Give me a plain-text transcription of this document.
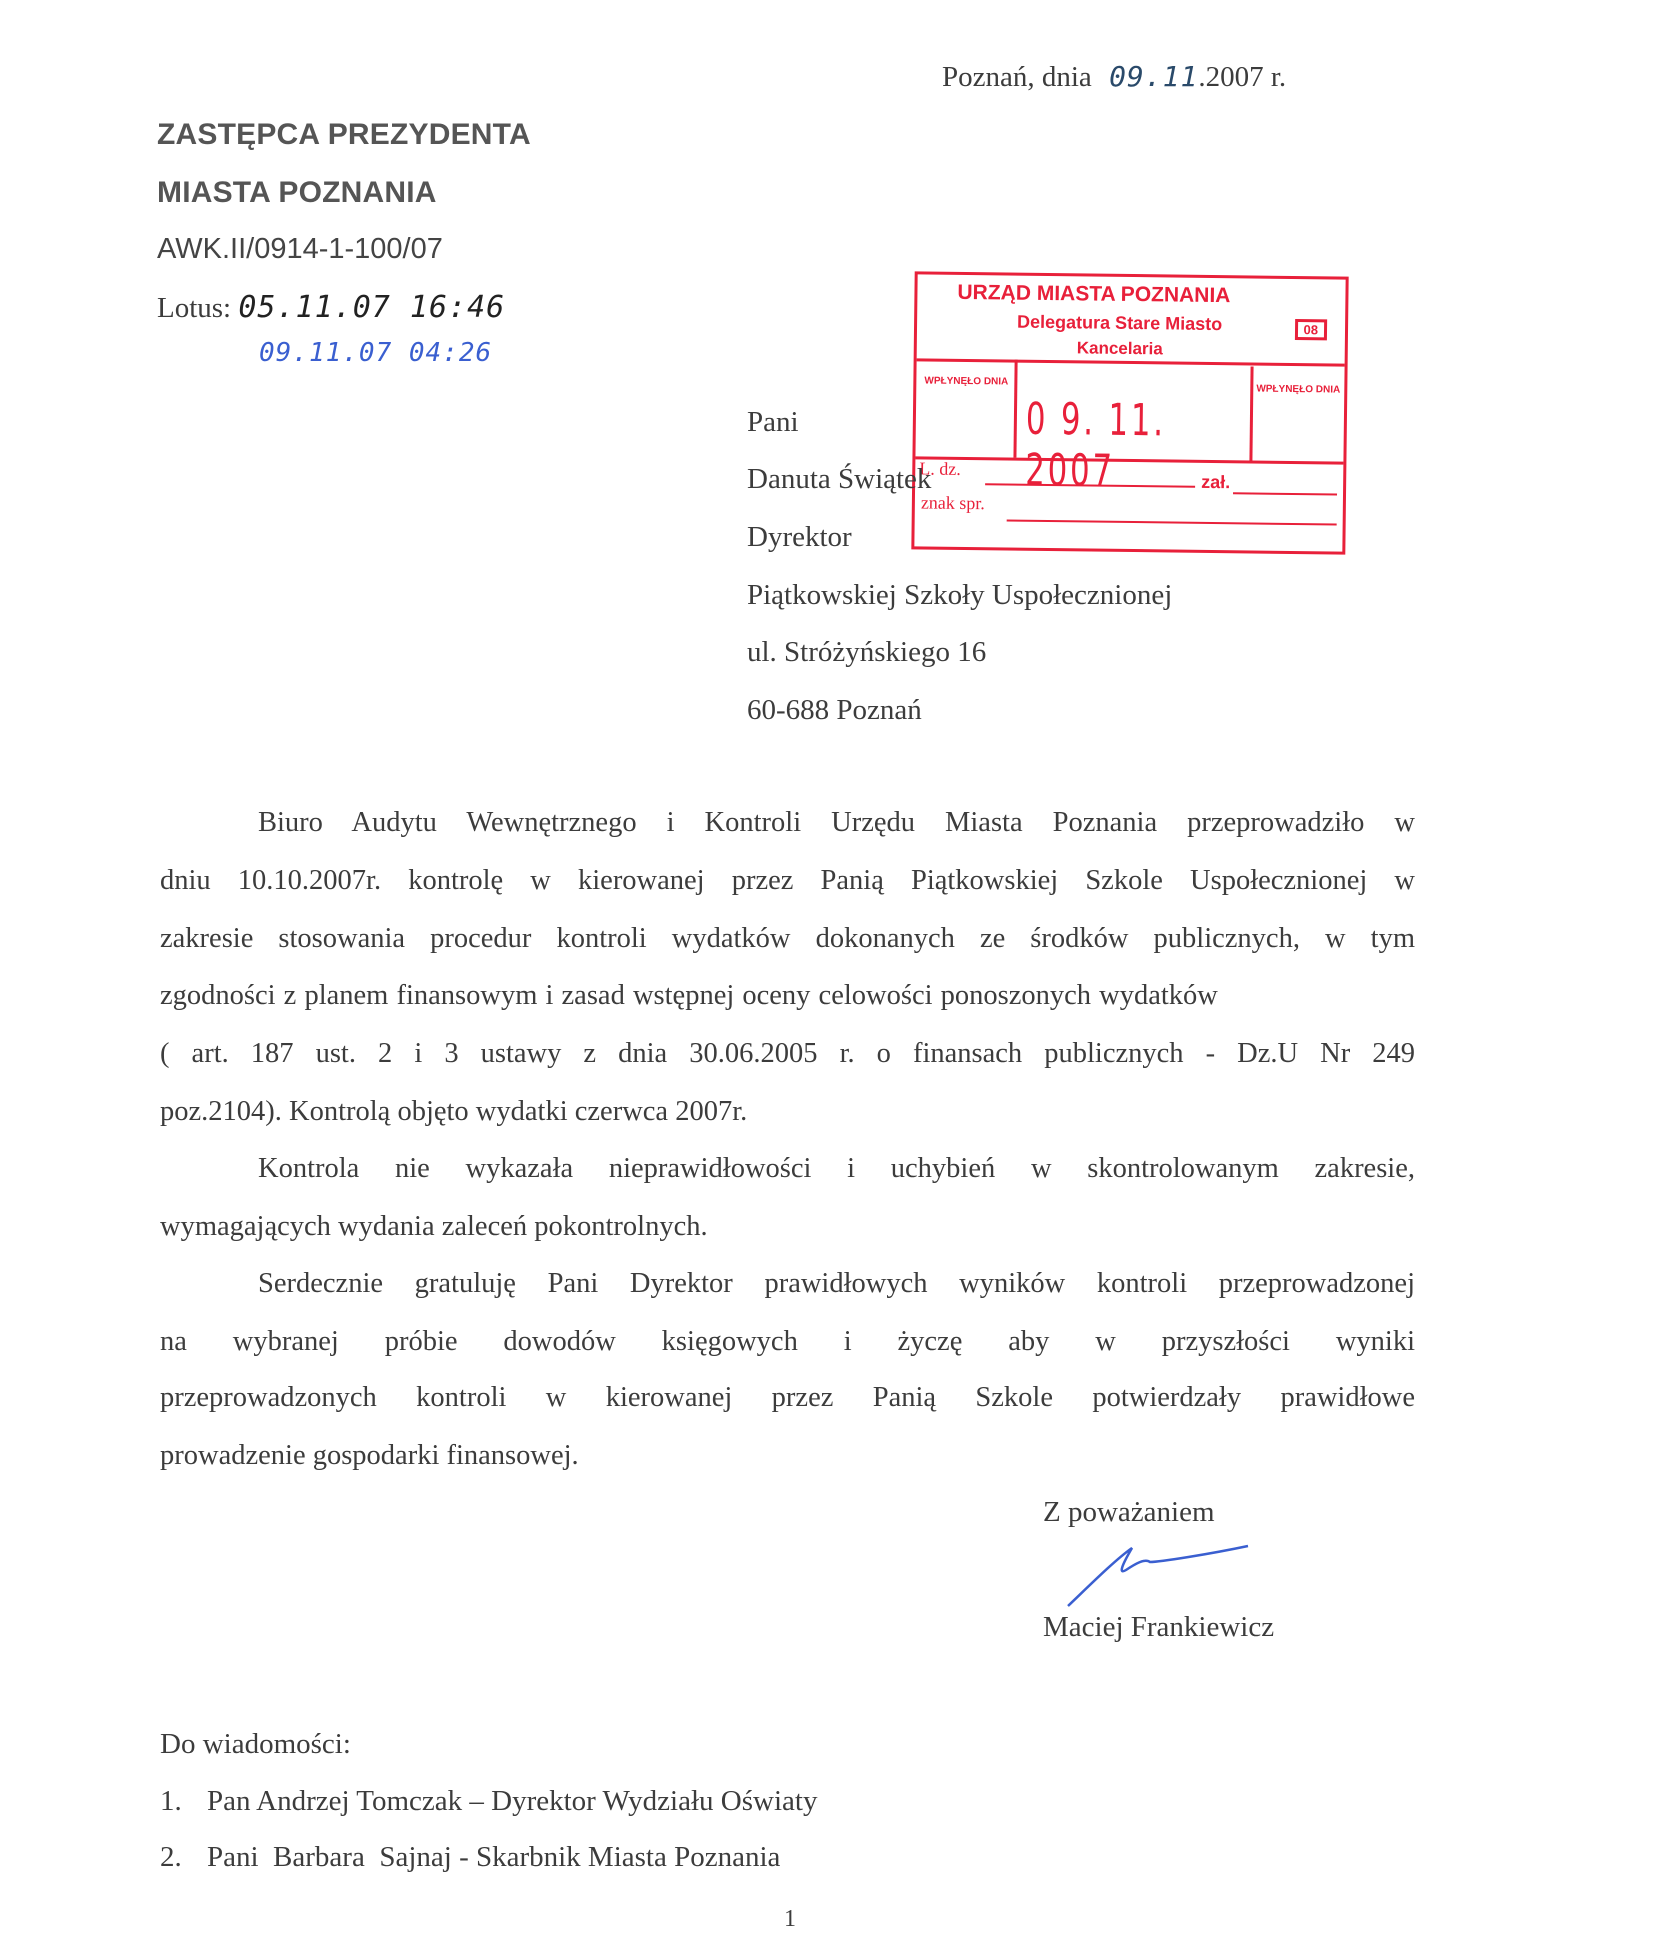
Poznań, dnia 09.11.2007 r.
ZASTĘPCA PREZYDENTA
MIASTA POZNANIA
AWK.II/0914-1-100/07
Lotus: 05.11.07 16:46
09.11.07 04:26
URZĄD MIASTA POZNANIA
Delegatura Stare Miasto
Kancelaria
08
WPŁYNĘŁO DNIA
WPŁYNĘŁO DNIA
0 9. 11. 2007
L. dz.
zał.
znak spr.
Pani
Danuta Świątek
Dyrektor
Piątkowskiej Szkoły Uspołecznionej
ul. Stróżyńskiego 16
60-688 Poznań
Biuro Audytu Wewnętrznego i Kontroli Urzędu Miasta Poznania przeprowadziło w
dniu 10.10.2007r. kontrolę w kierowanej przez Panią Piątkowskiej Szkole Uspołecznionej w
zakresie stosowania procedur kontroli wydatków dokonanych ze środków publicznych, w tym
zgodności z planem finansowym i zasad wstępnej oceny celowości ponoszonych wydatków
( art. 187 ust. 2 i 3 ustawy z dnia 30.06.2005 r. o finansach publicznych - Dz.U Nr 249
poz.2104). Kontrolą objęto wydatki czerwca 2007r.
Kontrola nie wykazała nieprawidłowości i uchybień w skontrolowanym zakresie,
wymagających wydania zaleceń pokontrolnych.
Serdecznie gratuluję Pani Dyrektor prawidłowych wyników kontroli przeprowadzonej
na wybranej próbie dowodów księgowych i życzę aby w przyszłości wyniki
przeprowadzonych kontroli w kierowanej przez Panią Szkole potwierdzały prawidłowe
prowadzenie gospodarki finansowej.
Z poważaniem
Maciej Frankiewicz
Do wiadomości:
1. Pan Andrzej Tomczak – Dyrektor Wydziału Oświaty
2. Pani  Barbara  Sajnaj - Skarbnik Miasta Poznania
1
